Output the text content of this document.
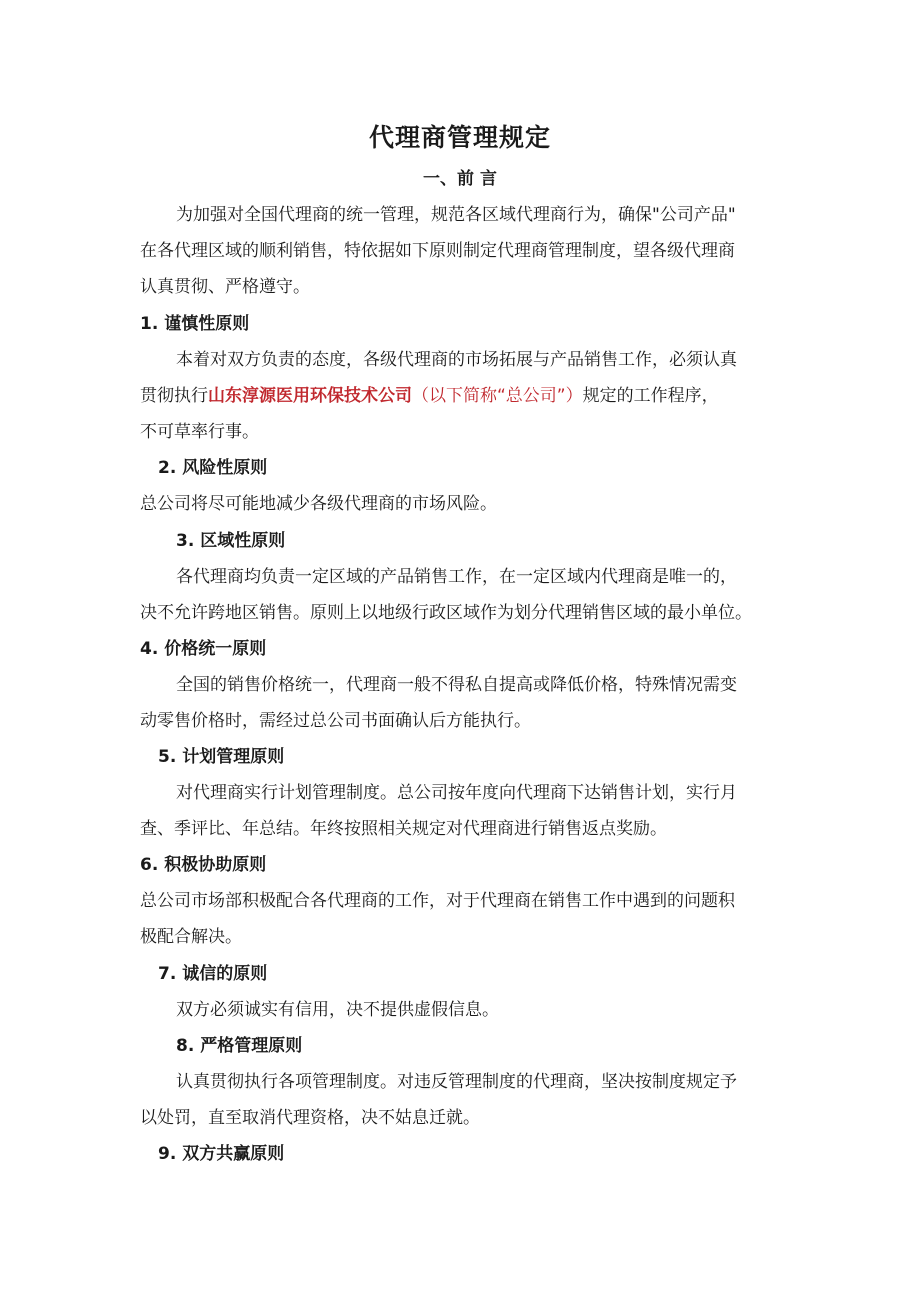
代理商管理规定
一、前 言
为加强对全国代理商的统一管理，规范各区域代理商行为，确保"公司产品"
在各代理区域的顺利销售，特依据如下原则制定代理商管理制度，望各级代理商
认真贯彻、严格遵守。
1. 谨慎性原则
本着对双方负责的态度，各级代理商的市场拓展与产品销售工作，必须认真
贯彻执行山东淳源医用环保技术公司（以下简称“总公司”）规定的工作程序，
不可草率行事。
2. 风险性原则
总公司将尽可能地减少各级代理商的市场风险。
3. 区域性原则
各代理商均负责一定区域的产品销售工作，在一定区域内代理商是唯一的，
决不允许跨地区销售。原则上以地级行政区域作为划分代理销售区域的最小单位。
4. 价格统一原则
全国的销售价格统一，代理商一般不得私自提高或降低价格，特殊情况需变
动零售价格时，需经过总公司书面确认后方能执行。
5. 计划管理原则
对代理商实行计划管理制度。总公司按年度向代理商下达销售计划，实行月
查、季评比、年总结。年终按照相关规定对代理商进行销售返点奖励。
6. 积极协助原则
总公司市场部积极配合各代理商的工作，对于代理商在销售工作中遇到的问题积
极配合解决。
7. 诚信的原则
双方必须诚实有信用，决不提供虚假信息。
8. 严格管理原则
认真贯彻执行各项管理制度。对违反管理制度的代理商，坚决按制度规定予
以处罚，直至取消代理资格，决不姑息迁就。
9. 双方共赢原则
